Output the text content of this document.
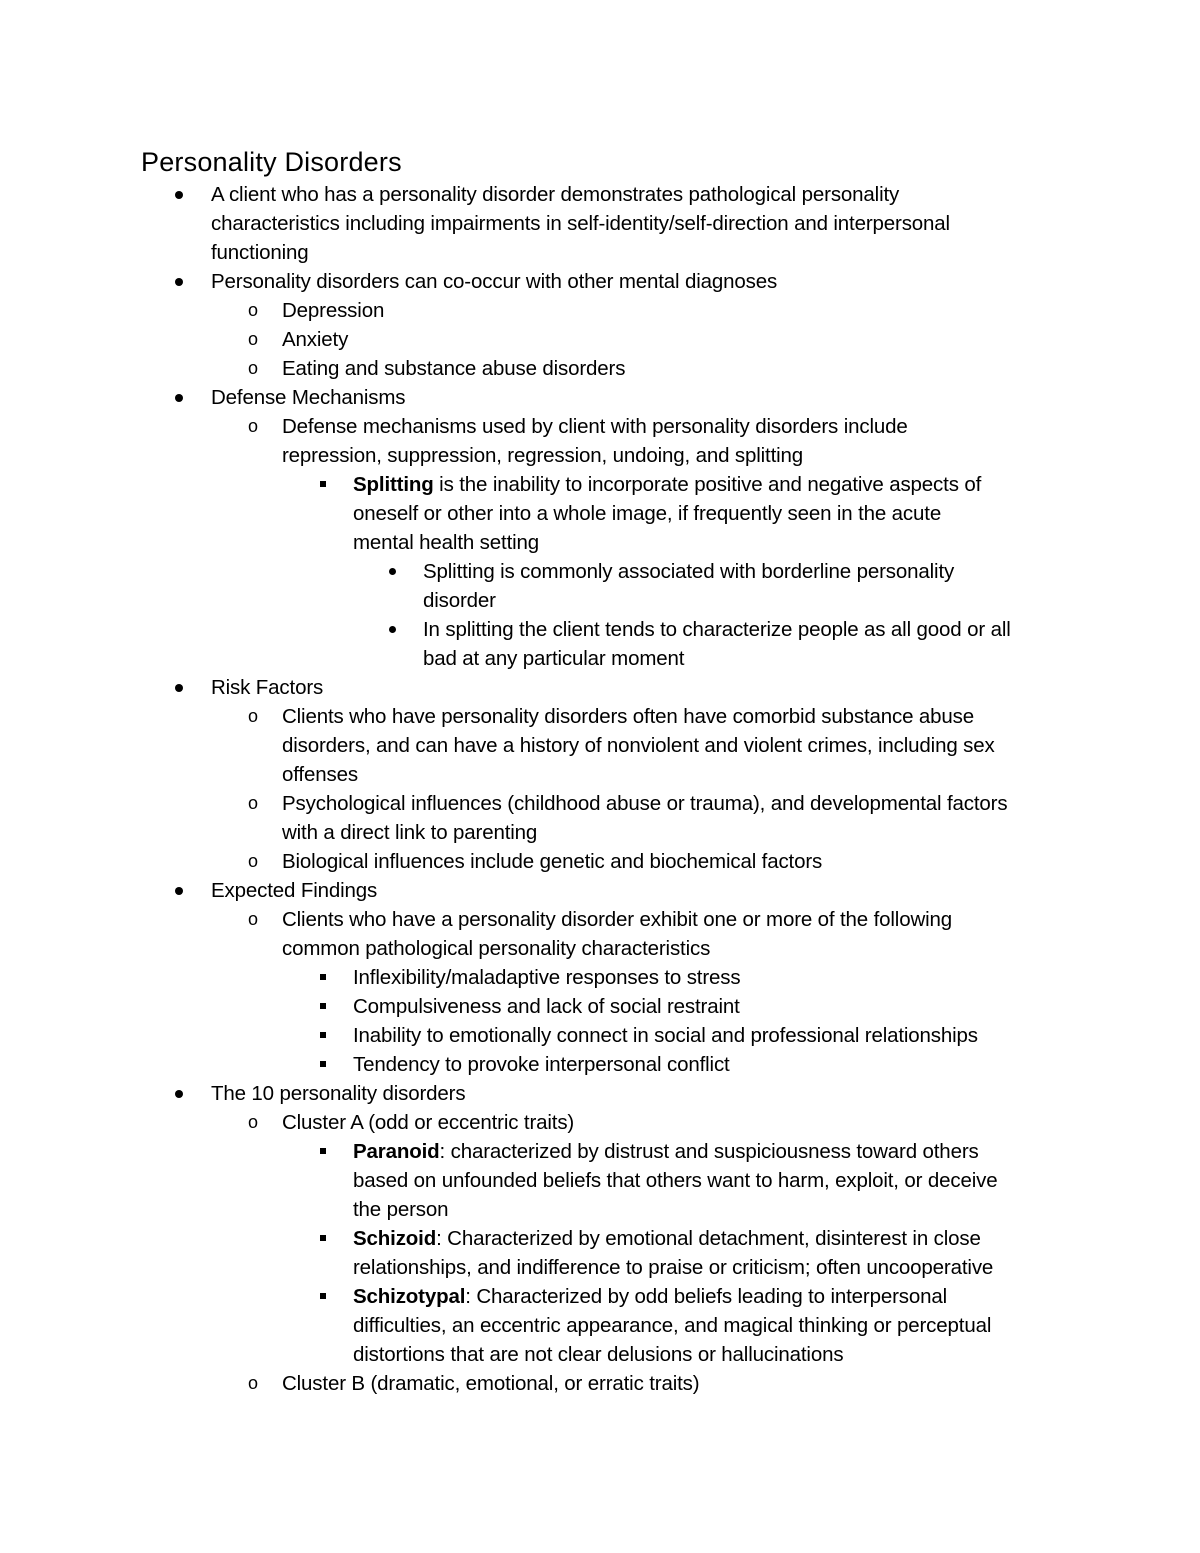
Personality Disorders
A client who has a personality disorder demonstrates pathological personality
characteristics including impairments in self-identity/self-direction and interpersonal
functioning
Personality disorders can co-occur with other mental diagnoses
o Depression
o Anxiety
o Eating and substance abuse disorders
Defense Mechanisms
o Defense mechanisms used by client with personality disorders include
repression, suppression, regression, undoing, and splitting
Splitting is the inability to incorporate positive and negative aspects of
oneself or other into a whole image, if frequently seen in the acute
mental health setting
Splitting is commonly associated with borderline personality
disorder
In splitting the client tends to characterize people as all good or all
bad at any particular moment
Risk Factors
o Clients who have personality disorders often have comorbid substance abuse
disorders, and can have a history of nonviolent and violent crimes, including sex
offenses
o Psychological influences (childhood abuse or trauma), and developmental factors
with a direct link to parenting
o Biological influences include genetic and biochemical factors
Expected Findings
o Clients who have a personality disorder exhibit one or more of the following
common pathological personality characteristics
Inflexibility/maladaptive responses to stress
Compulsiveness and lack of social restraint
Inability to emotionally connect in social and professional relationships
Tendency to provoke interpersonal conflict
The 10 personality disorders
o Cluster A (odd or eccentric traits)
Paranoid: characterized by distrust and suspiciousness toward others
based on unfounded beliefs that others want to harm, exploit, or deceive
the person
Schizoid: Characterized by emotional detachment, disinterest in close
relationships, and indifference to praise or criticism; often uncooperative
Schizotypal: Characterized by odd beliefs leading to interpersonal
difficulties, an eccentric appearance, and magical thinking or perceptual
distortions that are not clear delusions or hallucinations
o Cluster B (dramatic, emotional, or erratic traits)
